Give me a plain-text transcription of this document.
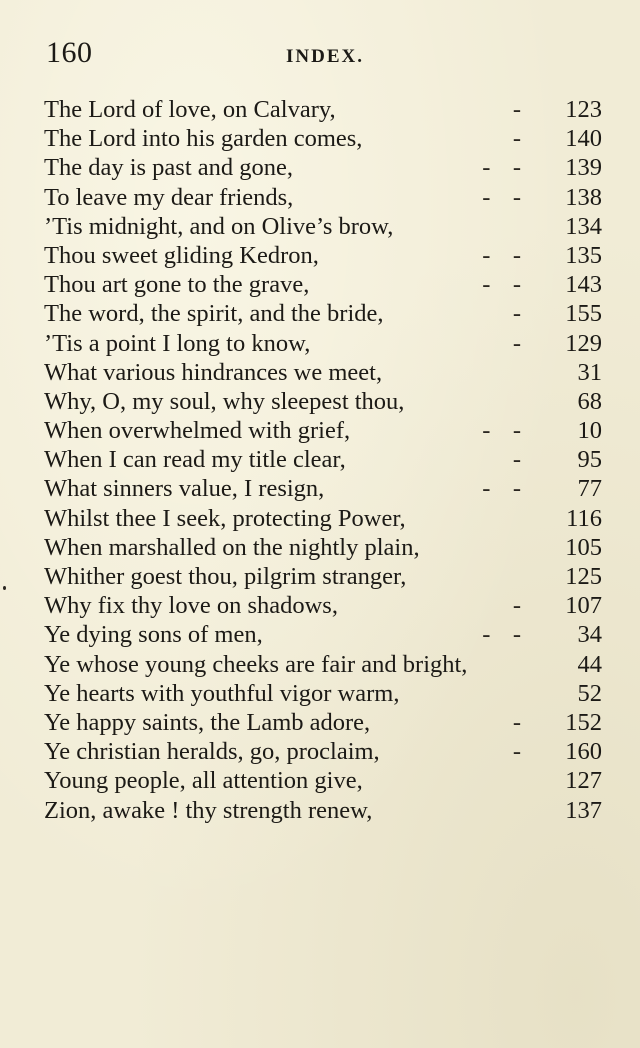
160	INDEX.
The Lord of love, on Calvary,	-	123
The Lord into his garden comes,	-	140
The day is past and gone,	-   -	139
To leave my dear friends,	-   -	138
’Tis midnight, and on Olive’s brow,	134
Thou sweet gliding Kedron,	-   -	135
Thou art gone to the grave,	-   -	143
The word, the spirit, and the bride,	-	155
’Tis a point I long to know,	-	129
What various hindrances we meet,	31
Why, O, my soul, why sleepest thou,	68
When overwhelmed with grief,	-   -	10
When I can read my title clear,	-	95
What sinners value, I resign,	-   -	77
Whilst thee I seek, protecting Power,	116
When marshalled on the nightly plain,	105
Whither goest thou, pilgrim stranger,	125
Why fix thy love on shadows,	-	107
Ye dying sons of men,	-   -	34
Ye whose young cheeks are fair and bright,	44
Ye hearts with youthful vigor warm,	52
Ye happy saints, the Lamb adore,	-	152
Ye christian heralds, go, proclaim,	-	160
Young people, all attention give,	127
Zion, awake ! thy strength renew,	137
